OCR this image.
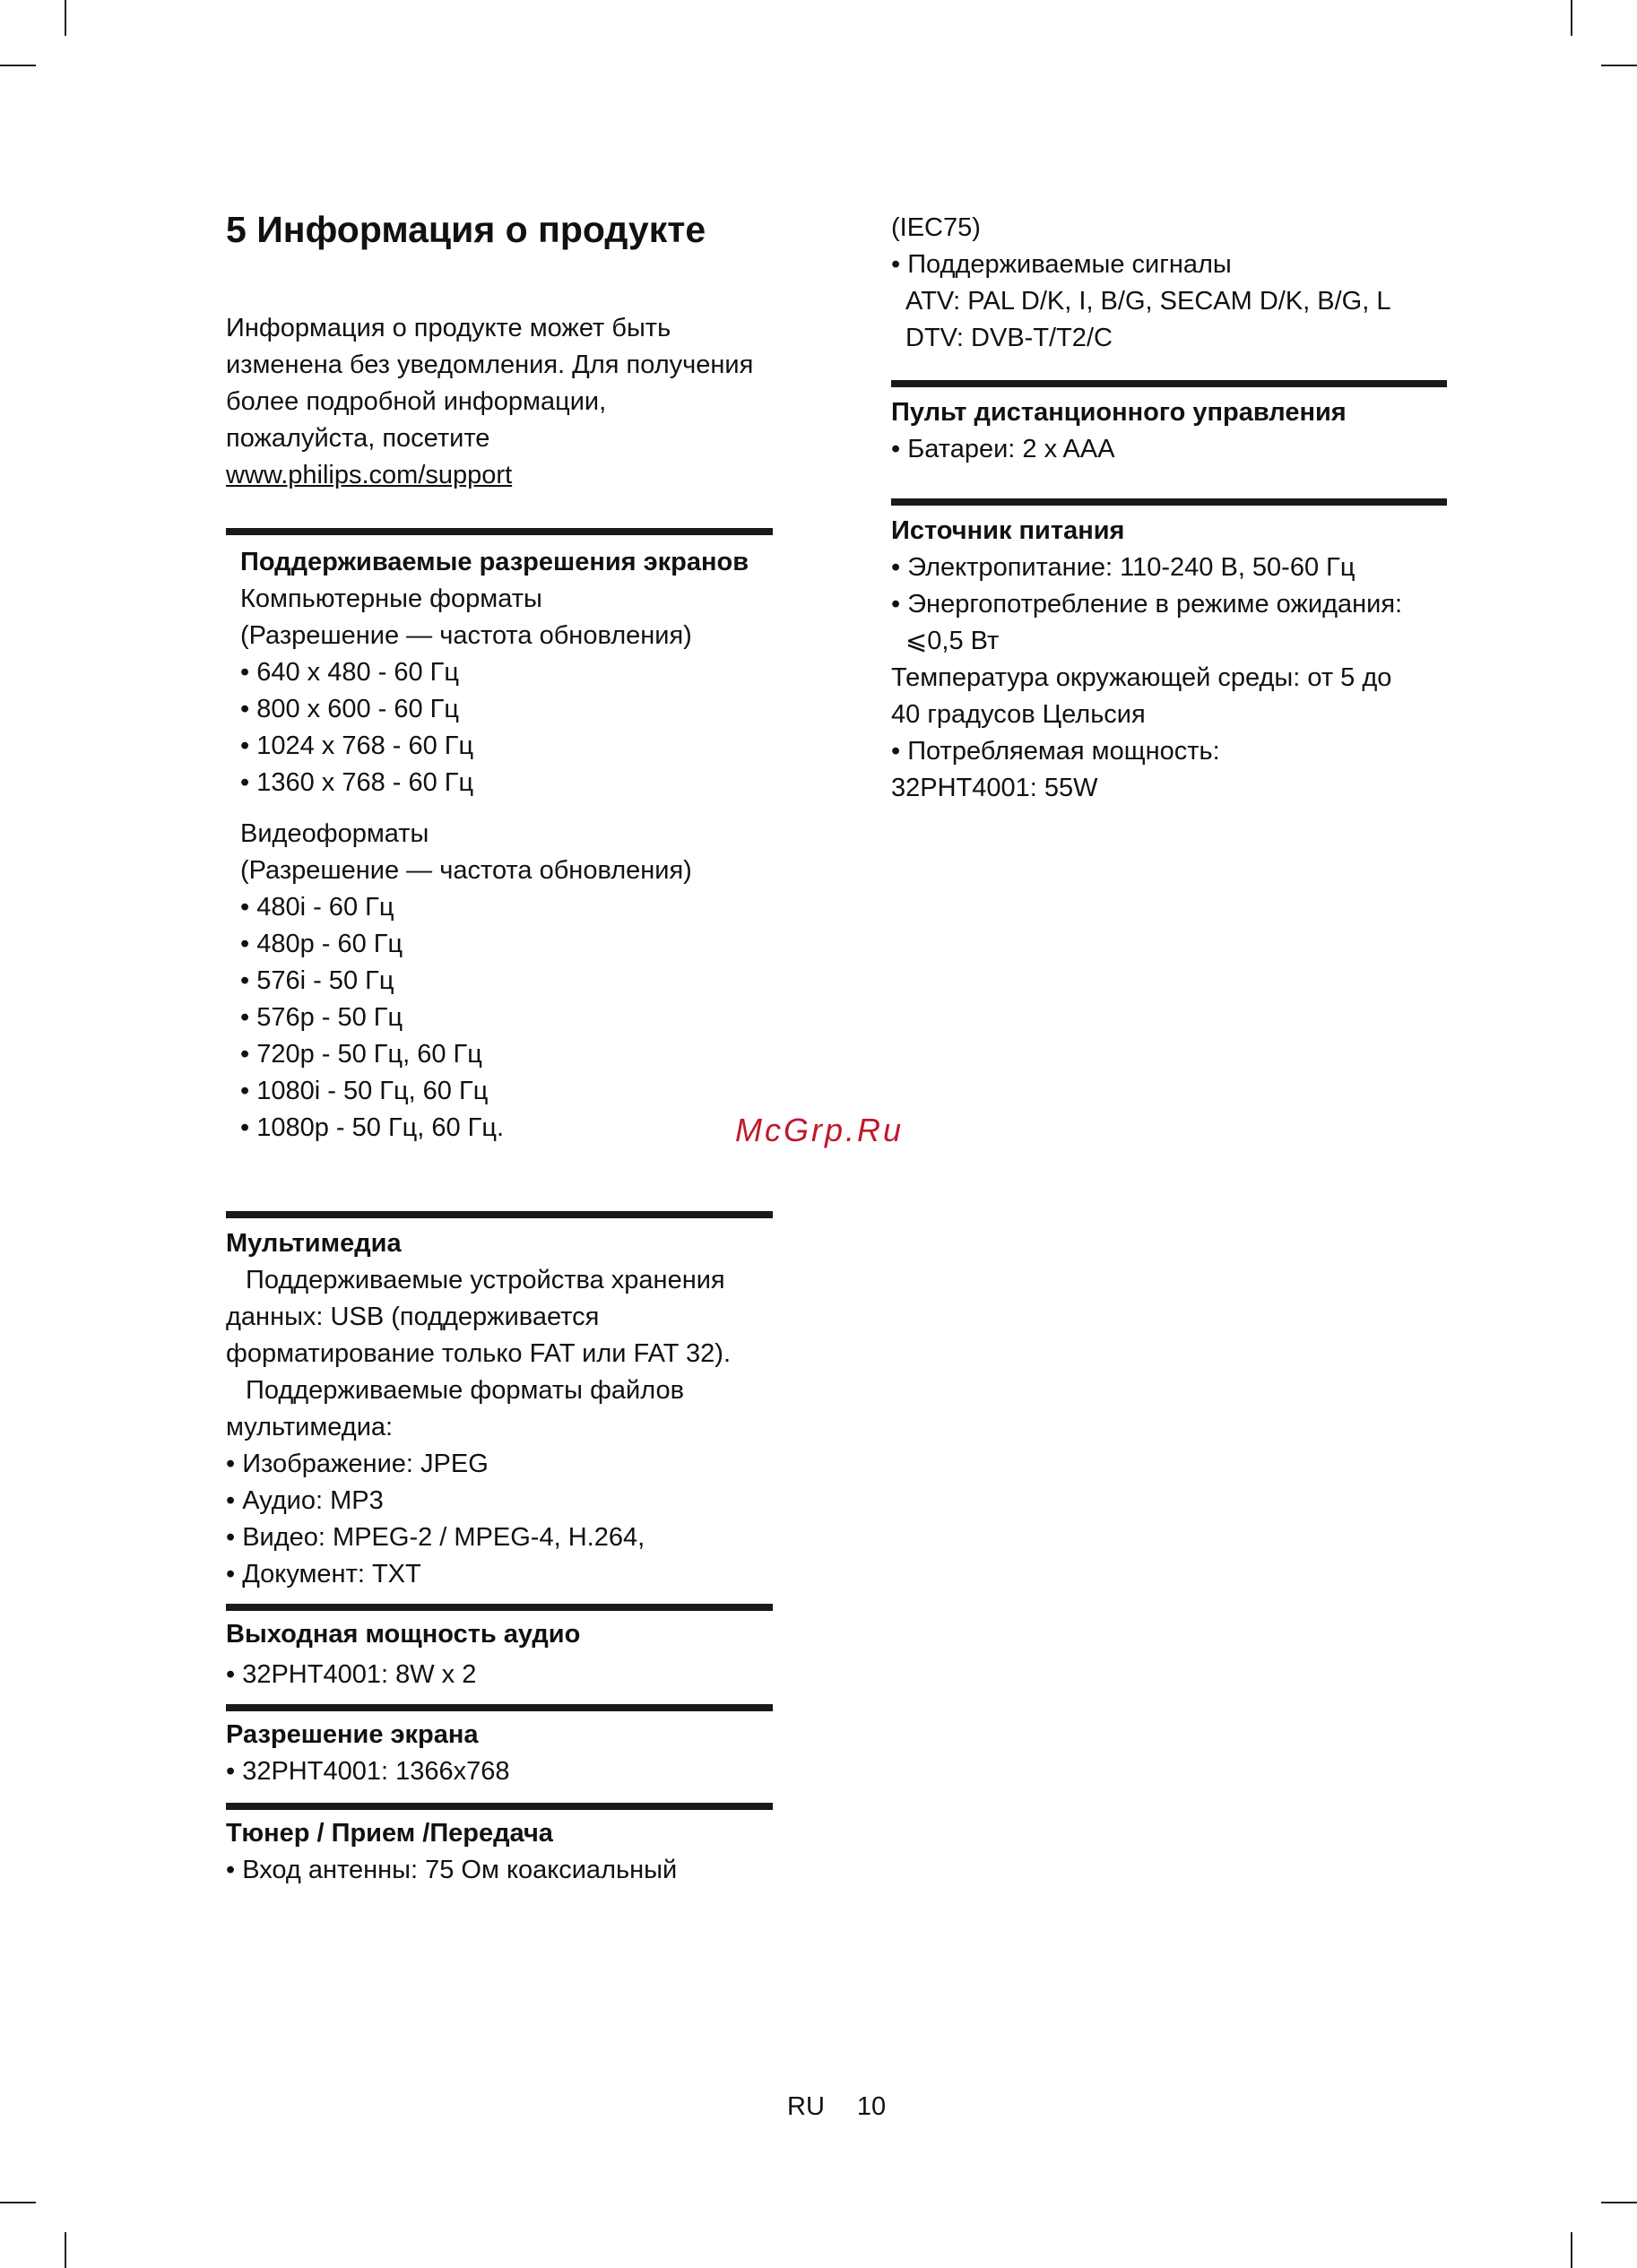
5 Информация о продукте

Информация о продукте может быть

изменена без уведомления. Для получения

более подробной информации,

пожалуйста, посетите

www.philips.com/support

Поддерживаемые разрешения экранов

Компьютерные форматы

(Разрешение — частота обновления)

• 640 x 480 - 60 Гц

• 800 x 600 - 60 Гц

• 1024 x 768 - 60 Гц

• 1360 x 768 - 60 Гц

Видеоформаты

(Разрешение — частота обновления)

• 480i - 60 Гц

• 480p - 60 Гц

• 576i - 50 Гц

• 576p - 50 Гц

• 720p - 50 Гц, 60 Гц

• 1080i - 50 Гц, 60 Гц

• 1080p - 50 Гц, 60 Гц.

Мультимедиа

Поддерживаемые устройства хранения

данных: USB (поддерживается

форматирование только FAT или FAT 32).

Поддерживаемые форматы файлов

мультимедиа:

• Изображение: JPEG

• Аудио: MP3

• Видео: MPEG-2 / MPEG-4, H.264,

• Документ: TXT

Выходная мощность аудио

• 32PHT4001: 8W x 2

Разрешение экрана

• 32PHT4001: 1366x768

Тюнер / Прием /Передача

• Вход антенны: 75 Ом коаксиальный

(IEC75)

• Поддерживаемые сигналы

ATV: PAL D/K, I, B/G, SECAM D/K, B/G, L

DTV: DVB-T/T2/C

Пульт дистанционного управления

• Батареи: 2 x AAA

Источник питания

• Электропитание: 110-240 В, 50-60 Гц

• Энергопотребление в режиме ожидания:

⩽0,5 Вт

Температура окружающей среды: от 5 до

40 градусов Цельсия

• Потребляемая мощность:

32PHT4001: 55W

McGrp.Ru
RU 10
